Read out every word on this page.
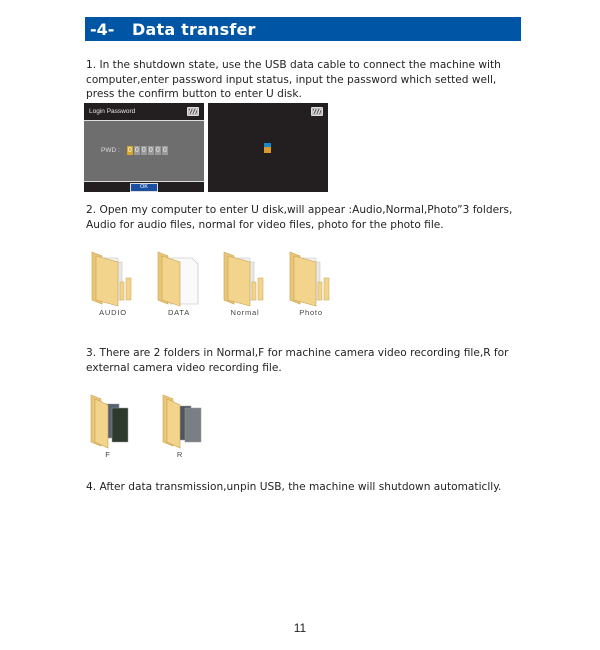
-4-	Data transfer
1. In the shutdown state, use the USB data cable to connect the machine with computer,enter password input status, input the password which setted well, press the confirm button to enter U disk.
Login Password
PWD : 0 0 0 0 0 0
OK
2. Open my computer to enter U disk,will appear :Audio,Normal,Photo”3 folders, Audio for audio files, normal for video files, photo for the photo file.
AUDIO	DATA	Normal	Photo
3. There are 2 folders in Normal,F for machine camera video recording file,R for external camera video recording file.
F	R
4. After data transmission,unpin USB, the machine will shutdown automaticlly.
11
